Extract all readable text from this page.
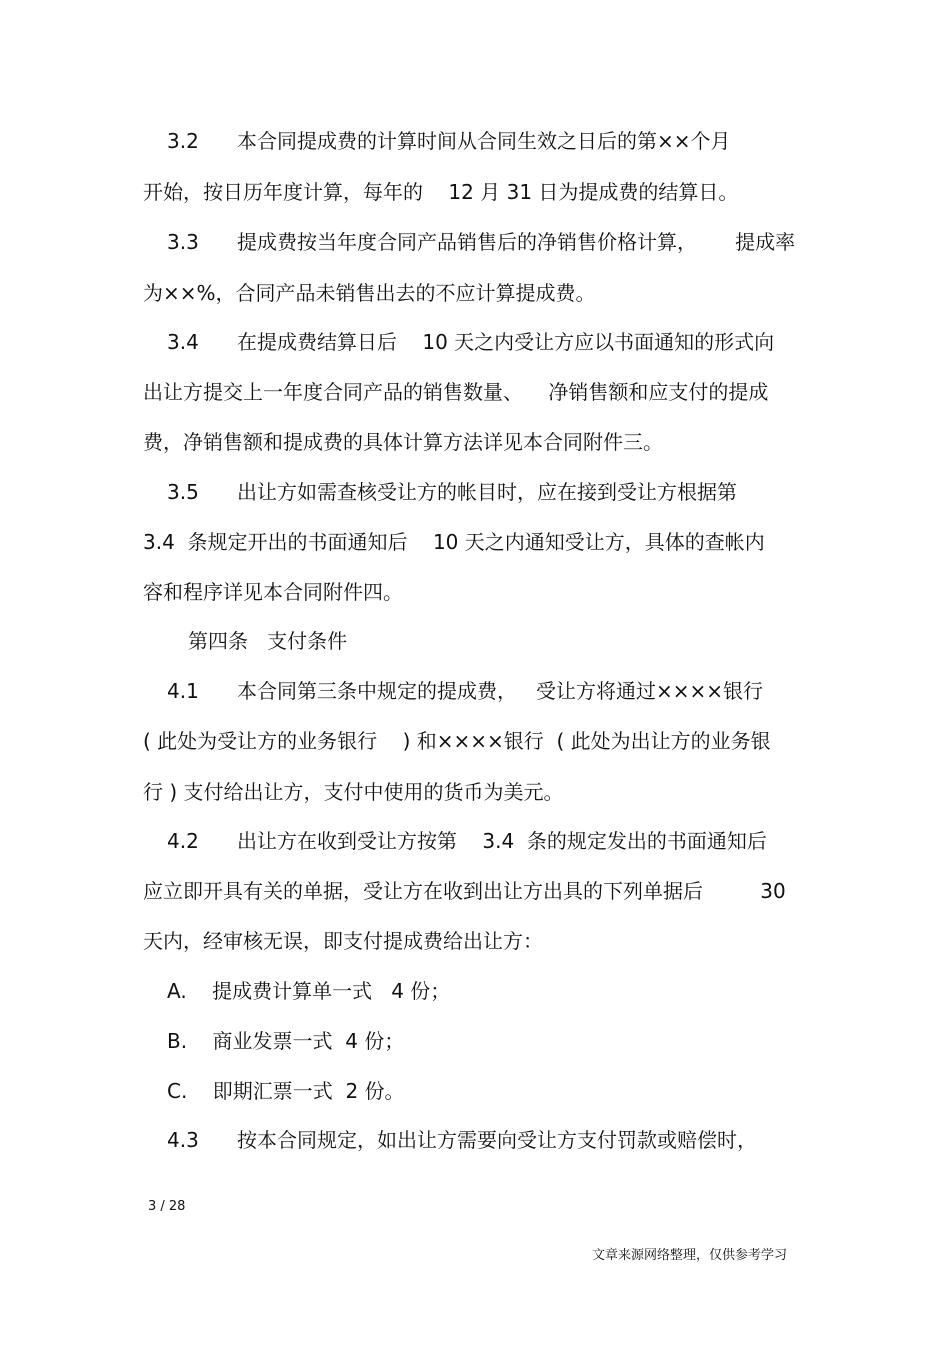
3.2      本合同提成费的计算时间从合同生效之日后的第××个月
开始，按日历年度计算，每年的    12 月 31 日为提成费的结算日。
3.3      提成费按当年度合同产品销售后的净销售价格计算，      提成率
为××%，合同产品未销售出去的不应计算提成费。
3.4      在提成费结算日后    10 天之内受让方应以书面通知的形式向
出让方提交上一年度合同产品的销售数量、    净销售额和应支付的提成
费，净销售额和提成费的具体计算方法详见本合同附件三。
3.5      出让方如需查核受让方的帐目时，应在接到受让方根据第
3.4  条规定开出的书面通知后    10 天之内通知受让方，具体的查帐内
容和程序详见本合同附件四。
第四条   支付条件
4.1      本合同第三条中规定的提成费，   受让方将通过××××银行
( 此处为受让方的业务银行    ) 和××××银行  ( 此处为出让方的业务银
行 ) 支付给出让方，支付中使用的货币为美元。
4.2      出让方在收到受让方按第    3.4  条的规定发出的书面通知后
应立即开具有关的单据，受让方在收到出让方出具的下列单据后         30
天内，经审核无误，即支付提成费给出让方：
A.    提成费计算单一式   4 份；
B.    商业发票一式  4 份；
C.    即期汇票一式  2 份。
4.3      按本合同规定，如出让方需要向受让方支付罚款或赔偿时，
3 / 28
文章来源网络整理，仅供参考学习
